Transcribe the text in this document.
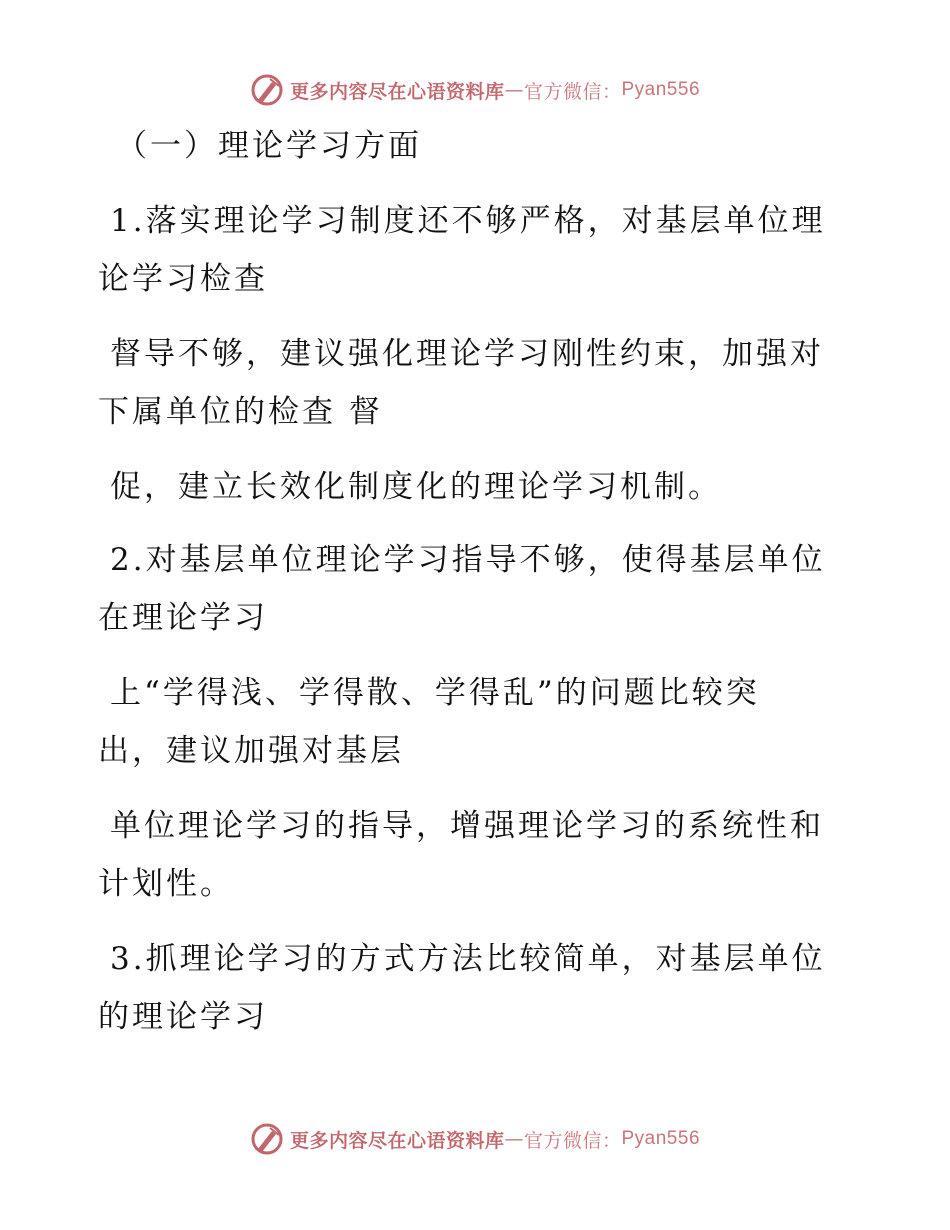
更多内容尽在心语资料库 — 官方微信： Pyan556
（一）理论学习方面
1.落实理论学习制度还不够严格，对基层单位理
论学习检查
督导不够，建议强化理论学习刚性约束，加强对
下属单位的检查 督
促，建立长效化制度化的理论学习机制。
2.对基层单位理论学习指导不够，使得基层单位
在理论学习
上“学得浅、学得散、学得乱”的问题比较突
出，建议加强对基层
单位理论学习的指导，增强理论学习的系统性和
计划性。
3.抓理论学习的方式方法比较简单，对基层单位
的理论学习
更多内容尽在心语资料库 — 官方微信： Pyan556
